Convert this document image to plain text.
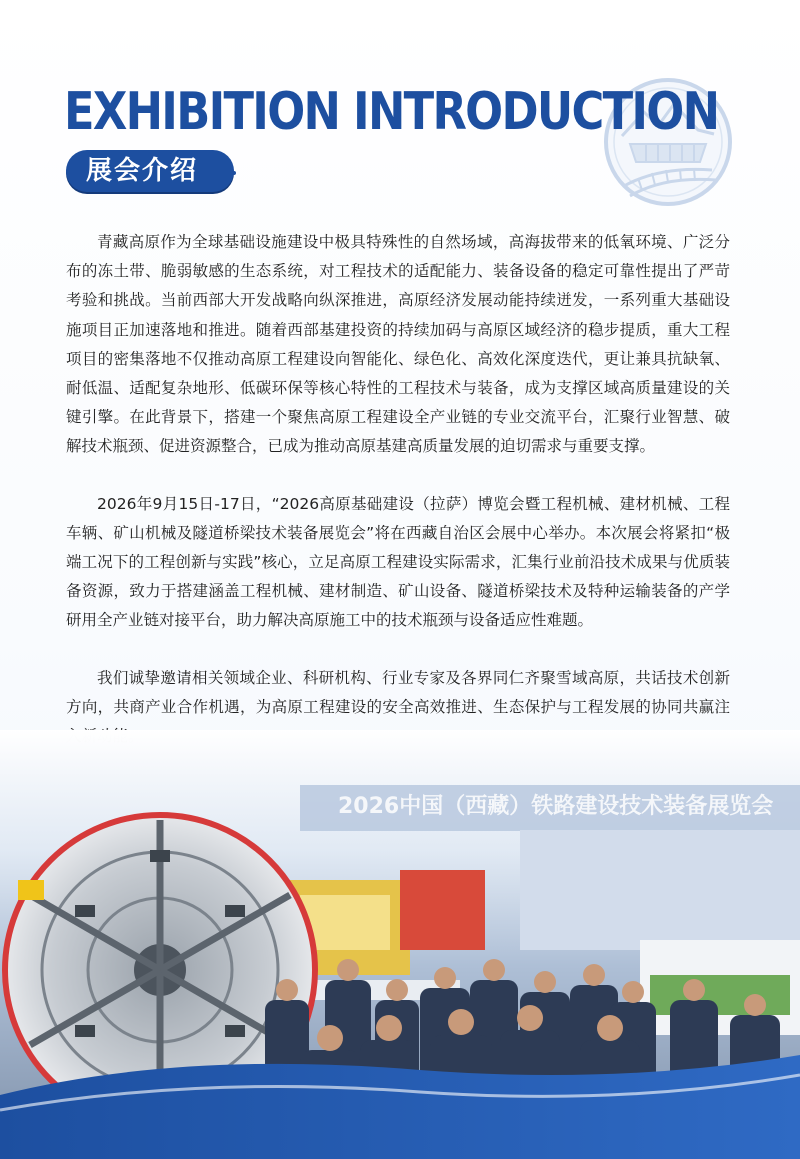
EXHIBITION INTRODUCTION
展会介绍

青藏高原作为全球基础设施建设中极具特殊性的自然场域，高海拔带来的低氧环境、广泛分布的冻土带、脆弱敏感的生态系统，对工程技术的适配能力、装备设备的稳定可靠性提出了严苛考验和挑战。当前西部大开发战略向纵深推进，高原经济发展动能持续迸发，一系列重大基础设施项目正加速落地和推进。随着西部基建投资的持续加码与高原区域经济的稳步提质，重大工程项目的密集落地不仅推动高原工程建设向智能化、绿色化、高效化深度迭代，更让兼具抗缺氧、耐低温、适配复杂地形、低碳环保等核心特性的工程技术与装备，成为支撑区域高质量建设的关键引擎。在此背景下，搭建一个聚焦高原工程建设全产业链的专业交流平台，汇聚行业智慧、破解技术瓶颈、促进资源整合，已成为推动高原基建高质量发展的迫切需求与重要支撑。

2026年9月15日-17日，“2026高原基础建设（拉萨）博览会暨工程机械、建材机械、工程车辆、矿山机械及隧道桥梁技术装备展览会”将在西藏自治区会展中心举办。本次展会将紧扣“极端工况下的工程创新与实践”核心，立足高原工程建设实际需求，汇集行业前沿技术成果与优质装备资源，致力于搭建涵盖工程机械、建材制造、矿山设备、隧道桥梁技术及特种运输装备的产学研用全产业链对接平台，助力解决高原施工中的技术瓶颈与设备适应性难题。

我们诚挚邀请相关领域企业、科研机构、行业专家及各界同仁齐聚雪域高原，共话技术创新方向，共商产业合作机遇，为高原工程建设的安全高效推进、生态保护与工程发展的协同共赢注

2026中国（西藏）铁路建设技术装备展览会
